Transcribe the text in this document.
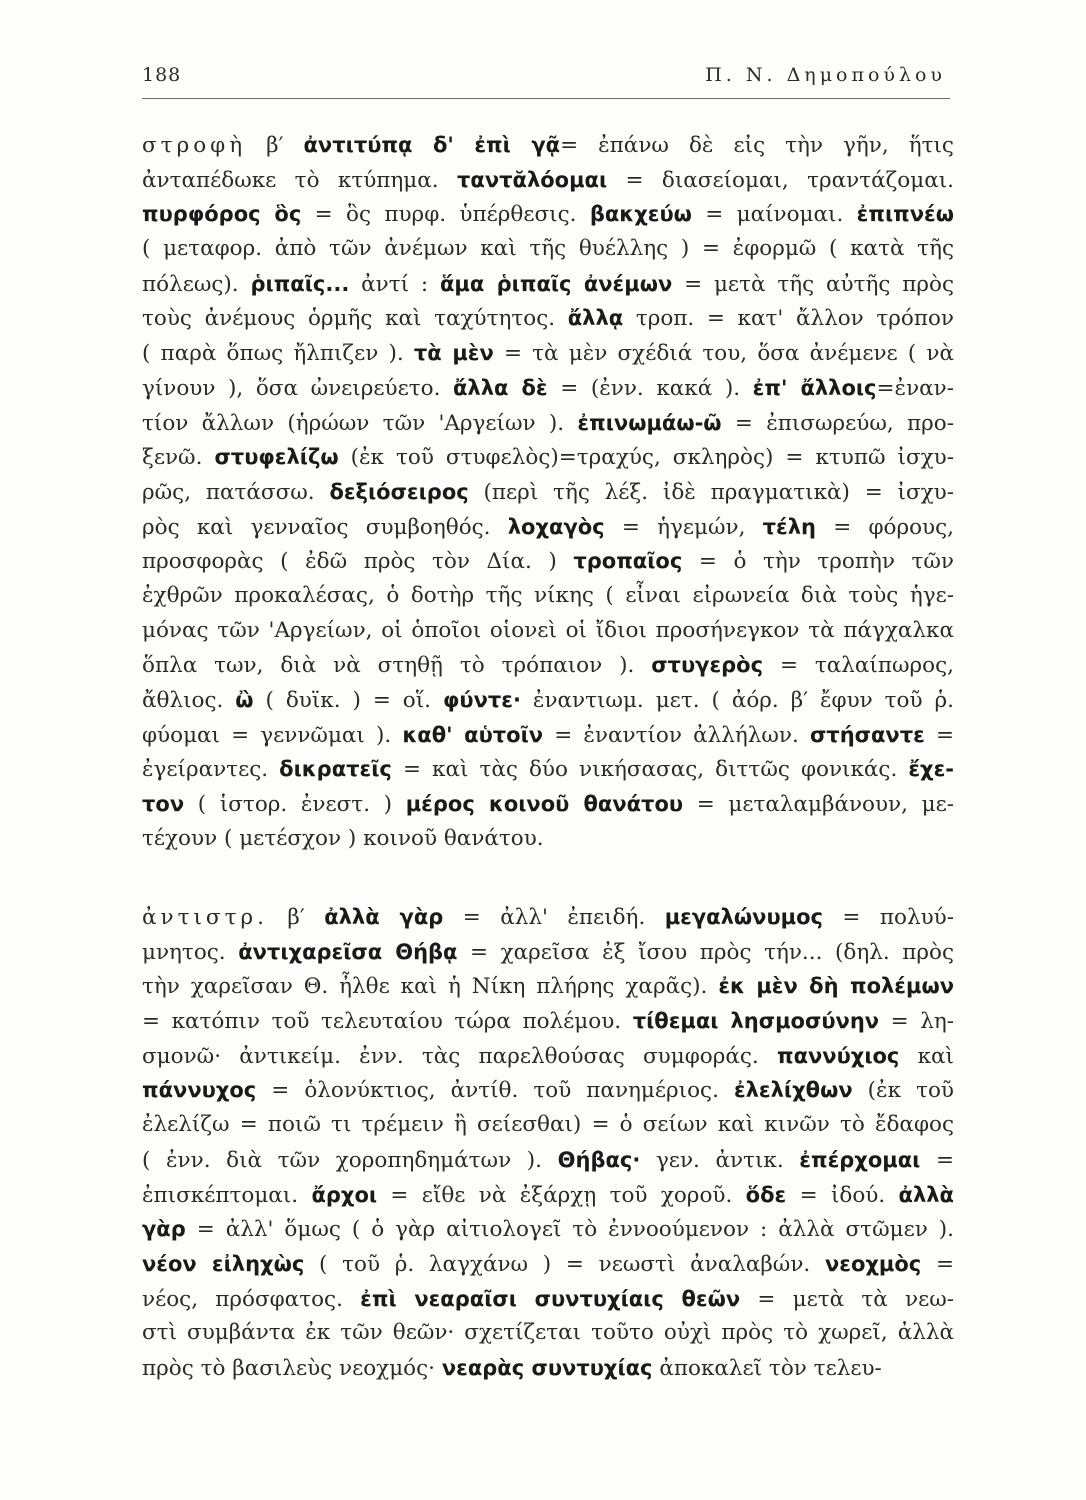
188	Π. Ν. Δημοπούλου
στροφὴ β′ ἀντιτύπᾳ δ' ἐπὶ γᾷ= ἐπάνω δὲ εἰς τὴν γῆν, ἥτις
ἀνταπέδωκε τὸ κτύπημα. ταντᾰλόομαι = διασείομαι, τραντάζομαι.
πυρφόρος ὃς = ὃς πυρφ. ὑπέρθεσις. βακχεύω = μαίνομαι. ἐπιπνέω
( μεταφορ. ἀπὸ τῶν ἀνέμων καὶ τῆς θυέλλης ) = ἐφορμῶ ( κατὰ τῆς
πόλεως). ῥιπαῖς... ἀντί : ἅμα ῥιπαῖς ἀνέμων = μετὰ τῆς αὐτῆς πρὸς
τοὺς ἀνέμους ὁρμῆς καὶ ταχύτητος. ἄλλᾳ τροπ. = κατ' ἄλλον τρόπον
( παρὰ ὅπως ἤλπιζεν ). τὰ μὲν = τὰ μὲν σχέδιά του, ὅσα ἀνέμενε ( νὰ
γίνουν ), ὅσα ὠνειρεύετο. ἄλλα δὲ = (ἐνν. κακά ). ἐπ' ἄλλοις=ἐναν-
τίον ἄλλων (ἡρώων τῶν 'Αργείων ). ἐπινωμάω-ῶ = ἐπισωρεύω, προ-
ξενῶ. στυφελίζω (ἐκ τοῦ στυφελὸς)=τραχύς, σκληρὸς) = κτυπῶ ἰσχυ-
ρῶς, πατάσσω. δεξιόσειρος (περὶ τῆς λέξ. ἰδὲ πραγματικὰ) = ἰσχυ-
ρὸς καὶ γενναῖος συμβοηθός. λοχαγὸς = ἡγεμών, τέλη = φόρους,
προσφορὰς ( ἐδῶ πρὸς τὸν Δία. ) τροπαῖος = ὁ τὴν τροπὴν τῶν
ἐχθρῶν προκαλέσας, ὁ δοτὴρ τῆς νίκης ( εἶναι εἰρωνεία διὰ τοὺς ἡγε-
μόνας τῶν 'Αργείων, οἱ ὁποῖοι οἱονεὶ οἱ ἴδιοι προσήνεγκον τὰ πάγχαλκα
ὅπλα των, διὰ νὰ στηθῇ τὸ τρόπαιον ). στυγερὸς = ταλαίπωρος,
ἄθλιος. ὢ ( δυϊκ. ) = οἵ. φύντε· ἐναντιωμ. μετ. ( ἀόρ. β′ ἔφυν τοῦ ῥ.
φύομαι = γεννῶμαι ). καθ' αὑτοῖν = ἐναντίον ἀλλήλων. στήσαντε =
ἐγείραντες. δικρατεῖς = καὶ τὰς δύο νικήσασας, διττῶς φονικάς. ἔχε-
τον ( ἱστορ. ἐνεστ. ) μέρος κοινοῦ θανάτου = μεταλαμβάνουν, με-
τέχουν ( μετέσχον ) κοινοῦ θανάτου.
ἀντιστρ. β′ ἀλλὰ γὰρ = ἀλλ' ἐπειδή. μεγαλώνυμος = πολυύ-
μνητος. ἀντιχαρεῖσα Θήβᾳ = χαρεῖσα ἐξ ἴσου πρὸς τήν... (δηλ. πρὸς
τὴν χαρεῖσαν Θ. ἦλθε καὶ ἡ Νίκη πλήρης χαρᾶς). ἐκ μὲν δὴ πολέμων
= κατόπιν τοῦ τελευταίου τώρα πολέμου. τίθεμαι λησμοσύνην = λη-
σμονῶ· ἀντικείμ. ἐνν. τὰς παρελθούσας συμφοράς. παννύχιος καὶ
πάννυχος = ὁλονύκτιος, ἀντίθ. τοῦ πανημέριος. ἐλελίχθων (ἐκ τοῦ
ἐλελίζω = ποιῶ τι τρέμειν ἢ σείεσθαι) = ὁ σείων καὶ κινῶν τὸ ἔδαφος
( ἐνν. διὰ τῶν χοροπηδημάτων ). Θήβας· γεν. ἀντικ. ἐπέρχομαι =
ἐπισκέπτομαι. ἄρχοι = εἴθε νὰ ἐξάρχῃ τοῦ χοροῦ. ὅδε = ἰδού. ἀλλὰ
γὰρ = ἀλλ' ὅμως ( ὁ γὰρ αἰτιολογεῖ τὸ ἐννοούμενον : ἀλλὰ στῶμεν ).
νέον εἰληχὼς ( τοῦ ῥ. λαγχάνω ) = νεωστὶ ἀναλαβών. νεοχμὸς =
νέος, πρόσφατος. ἐπὶ νεαραῖσι συντυχίαις θεῶν = μετὰ τὰ νεω-
στὶ συμβάντα ἐκ τῶν θεῶν· σχετίζεται τοῦτο οὐχὶ πρὸς τὸ χωρεῖ, ἀλλὰ
πρὸς τὸ βασιλεὺς νεοχμός· νεαρὰς συντυχίας ἀποκαλεῖ τὸν τελευ-
